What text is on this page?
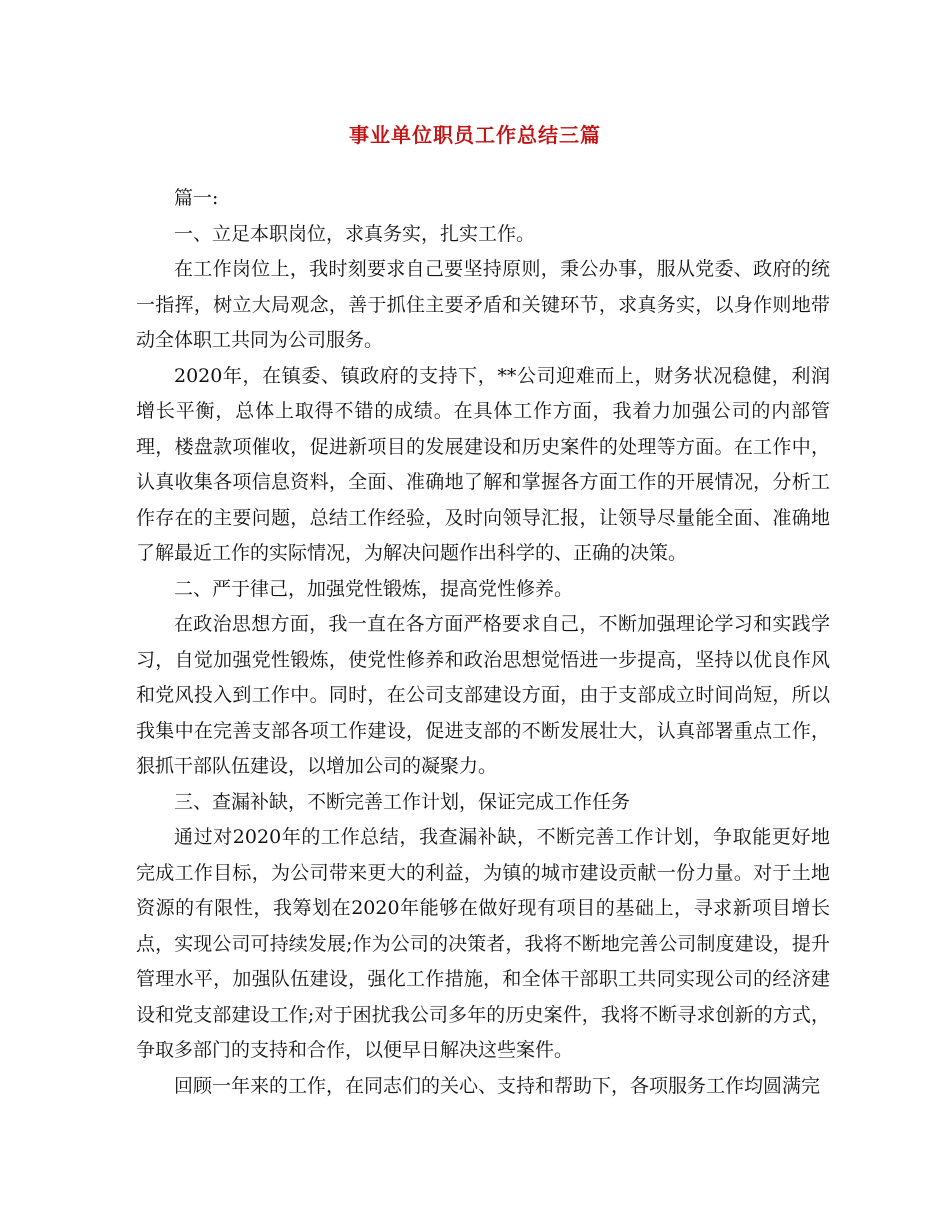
事业单位职员工作总结三篇

篇一:

一、立足本职岗位，求真务实，扎实工作。

在工作岗位上，我时刻要求自己要坚持原则，秉公办事，服从党委、政府的统一指挥，树立大局观念，善于抓住主要矛盾和关键环节，求真务实，以身作则地带动全体职工共同为公司服务。

2020年，在镇委、镇政府的支持下，**公司迎难而上，财务状况稳健，利润增长平衡，总体上取得不错的成绩。在具体工作方面，我着力加强公司的内部管理，楼盘款项催收，促进新项目的发展建设和历史案件的处理等方面。在工作中，认真收集各项信息资料，全面、准确地了解和掌握各方面工作的开展情况，分析工作存在的主要问题，总结工作经验，及时向领导汇报，让领导尽量能全面、准确地了解最近工作的实际情况，为解决问题作出科学的、正确的决策。

二、严于律己，加强党性锻炼，提高党性修养。

在政治思想方面，我一直在各方面严格要求自己，不断加强理论学习和实践学习，自觉加强党性锻炼，使党性修养和政治思想觉悟进一步提高，坚持以优良作风和党风投入到工作中。同时，在公司支部建设方面，由于支部成立时间尚短，所以我集中在完善支部各项工作建设，促进支部的不断发展壮大，认真部署重点工作，狠抓干部队伍建设，以增加公司的凝聚力。

三、查漏补缺，不断完善工作计划，保证完成工作任务

通过对2020年的工作总结，我查漏补缺，不断完善工作计划，争取能更好地完成工作目标，为公司带来更大的利益，为镇的城市建设贡献一份力量。对于土地资源的有限性，我筹划在2020年能够在做好现有项目的基础上，寻求新项目增长点，实现公司可持续发展;作为公司的决策者，我将不断地完善公司制度建设，提升管理水平，加强队伍建设，强化工作措施，和全体干部职工共同实现公司的经济建设和党支部建设工作;对于困扰我公司多年的历史案件，我将不断寻求创新的方式，争取多部门的支持和合作，以便早日解决这些案件。

回顾一年来的工作，在同志们的关心、支持和帮助下，各项服务工作均圆满完
